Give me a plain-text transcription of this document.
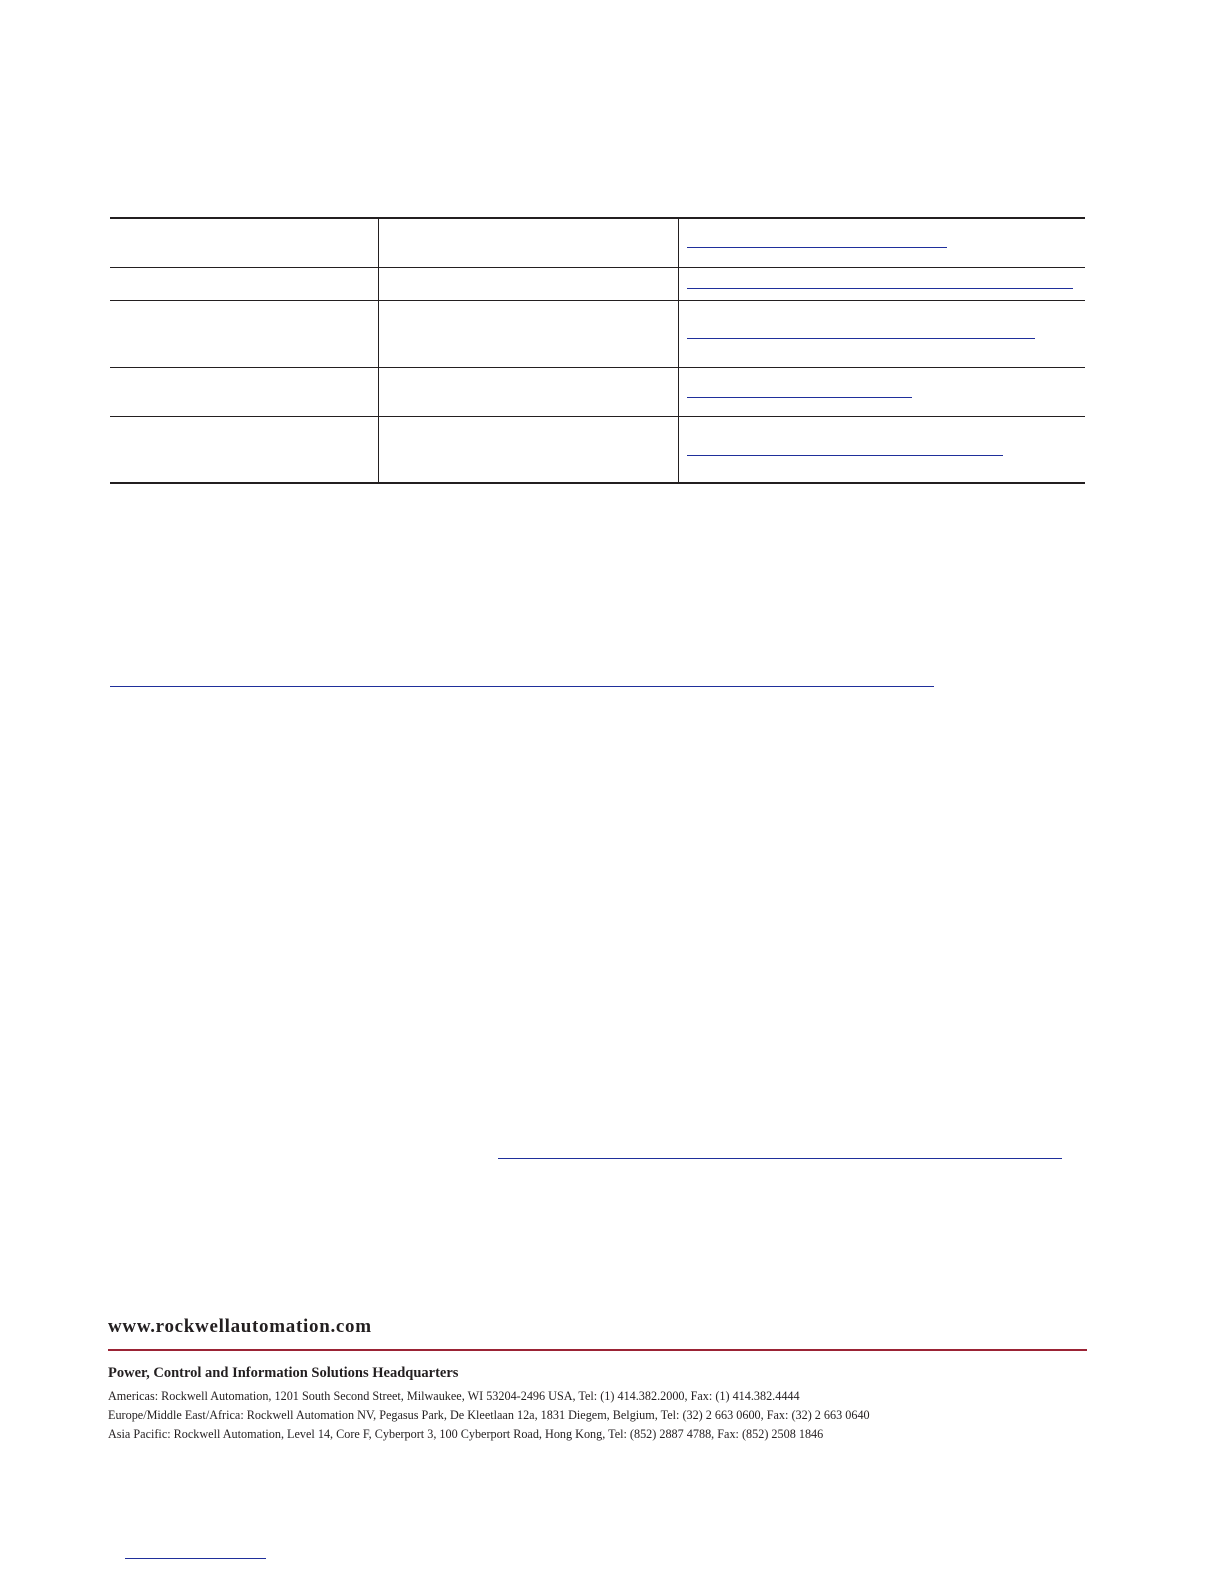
www.rockwellautomation.com

Power, Control and Information Solutions Headquarters

Americas: Rockwell Automation, 1201 South Second Street, Milwaukee, WI 53204-2496 USA, Tel: (1) 414.382.2000, Fax: (1) 414.382.4444

Europe/Middle East/Africa: Rockwell Automation NV, Pegasus Park, De Kleetlaan 12a, 1831 Diegem, Belgium, Tel: (32) 2 663 0600, Fax: (32) 2 663 0640

Asia Pacific: Rockwell Automation, Level 14, Core F, Cyberport 3, 100 Cyberport Road, Hong Kong, Tel: (852) 2887 4788, Fax: (852) 2508 1846
